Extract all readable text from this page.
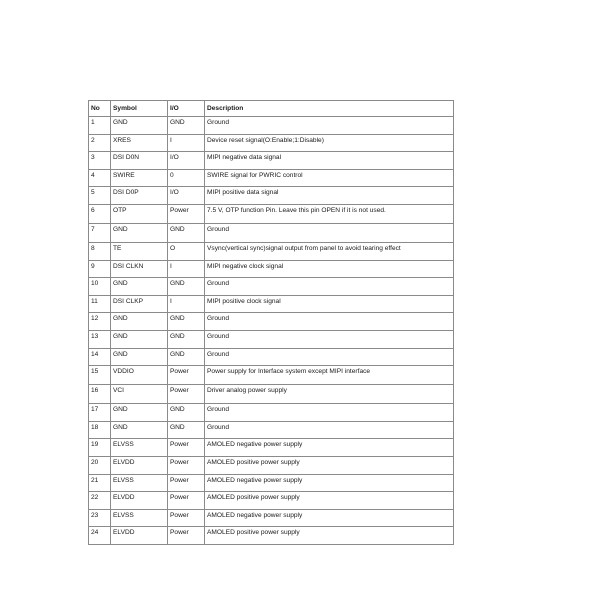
No	Symbol	I/O	Description
1	GND	GND	Ground
2	XRES	I	Device reset signal(O:Enable;1:Disable)
3	DSI D0N	I/O	MIPI negative data signal
4	SWIRE	0	SWIRE signal for PWRIC control
5	DSI D0P	I/O	MIPI positive data signal
6	OTP	Power	7.5 V, OTP function Pin. Leave this pin OPEN if it is not used.
7	GND	GND	Ground
8	TE	O	Vsync(vertical sync)signal output from panel to avoid tearing effect
9	DSI CLKN	I	MIPI negative clock signal
10	GND	GND	Ground
11	DSI CLKP	I	MIPI positive clock signal
12	GND	GND	Ground
13	GND	GND	Ground
14	GND	GND	Ground
15	VDDIO	Power	Power supply for Interface system except MIPI interface
16	VCI	Power	Driver analog power supply
17	GND	GND	Ground
18	GND	GND	Ground
19	ELVSS	Power	AMOLED negative power supply
20	ELVDD	Power	AMOLED positive power supply
21	ELVSS	Power	AMOLED negative power supply
22	ELVDD	Power	AMOLED positive power supply
23	ELVSS	Power	AMOLED negative power supply
24	ELVDD	Power	AMOLED positive power supply
